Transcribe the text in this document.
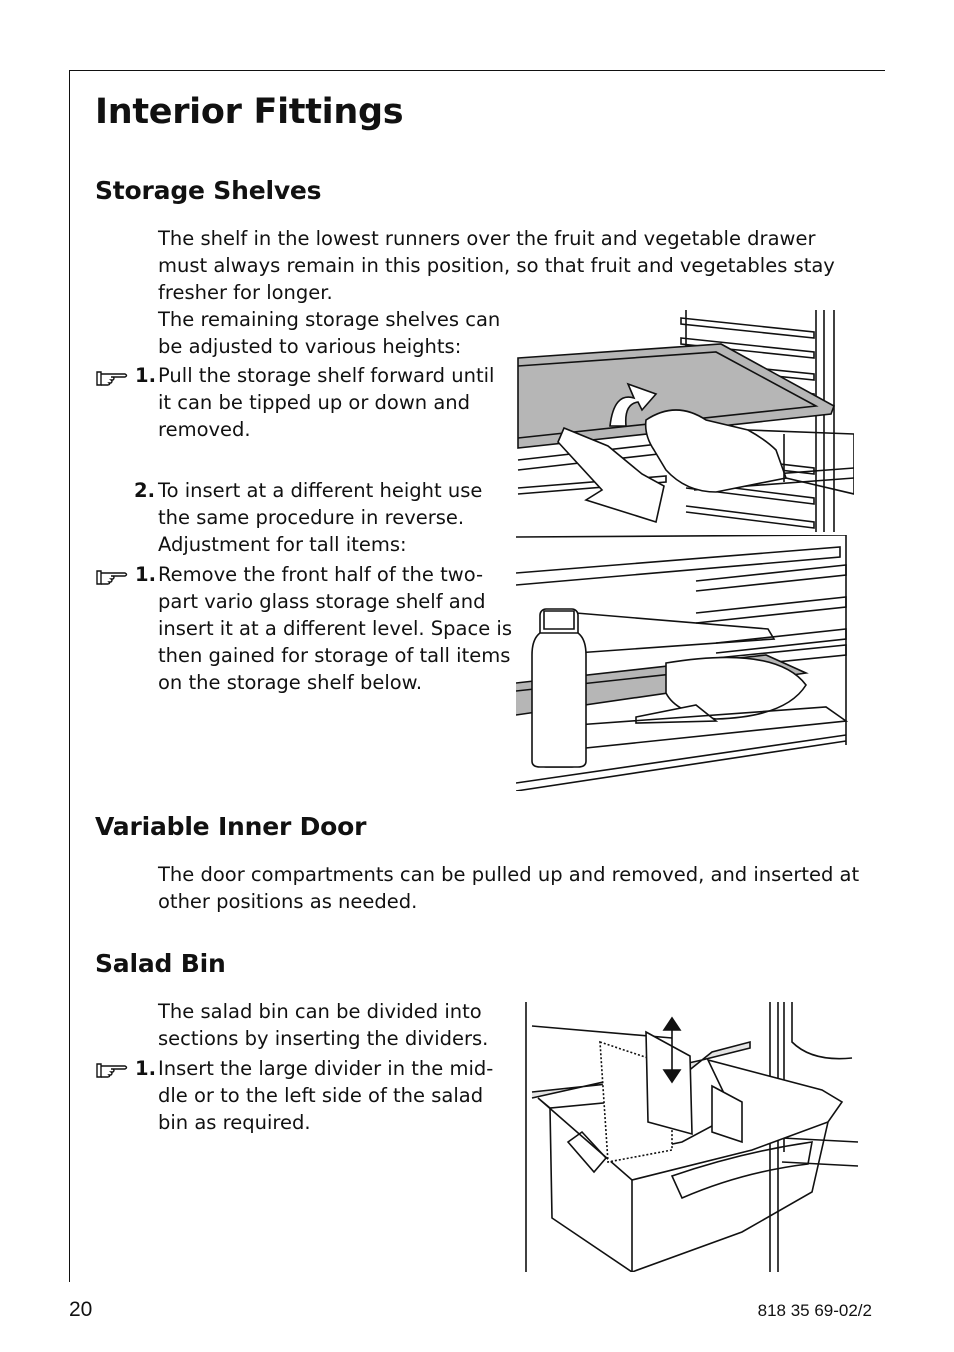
Interior Fittings
Storage Shelves

The shelf in the lowest runners over the fruit and vegetable drawer

must always remain in this position, so that fruit and vegetables stay

fresher for longer.

The remaining storage shelves can

be adjusted to various heights:

1. Pull the storage shelf forward until

it can be tipped up or down and

removed.

2. To insert at a different height use

the same procedure in reverse.

Adjustment for tall items:

1. Remove the front half of the two-

part vario glass storage shelf and

insert it at a different level. Space is

then gained for storage of tall items

on the storage shelf below.

Variable Inner Door

The door compartments can be pulled up and removed, and inserted at

other positions as needed.

Salad Bin

The salad bin can be divided into

sections by inserting the dividers.

1. Insert the large divider in the mid-

dle or to the left side of the salad

bin as required.

20	818 35 69-02/2
